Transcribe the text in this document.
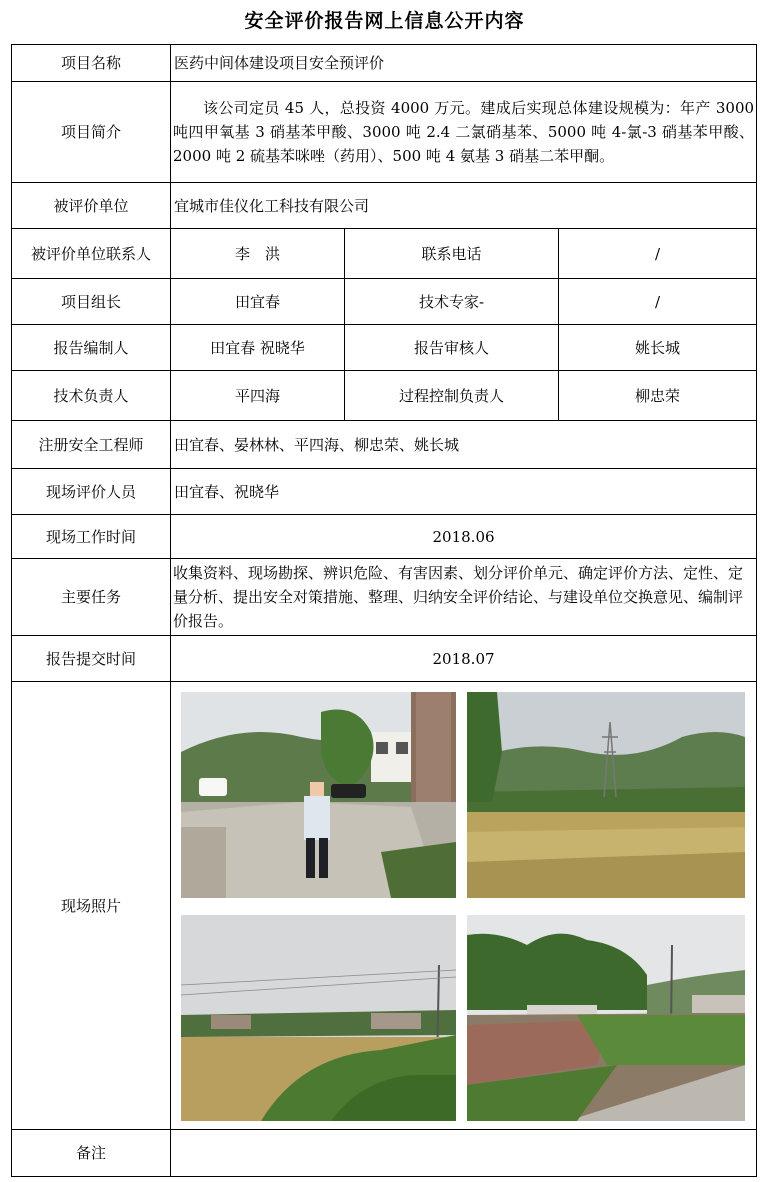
安全评价报告网上信息公开内容
项目名称	医药中间体建设项目安全预评价		
项目简介	该公司定员 45 人，总投资 4000 万元。建成后实现总体建设规模为：年产 3000 吨四甲氧基 3 硝基苯甲酸、3000 吨 2.4 二氯硝基苯、5000 吨 4-氯-3 硝基苯甲酸、2000 吨 2 硫基苯咪唑（药用）、500 吨 4 氨基 3 硝基二苯甲酮。		
被评价单位	宜城市佳仪化工科技有限公司		
被评价单位联系人	李　洪	联系电话	/
项目组长	田宜春	技术专家-	/
报告编制人	田宜春 祝晓华	报告审核人	姚长城
技术负责人	平四海	过程控制负责人	柳忠荣
注册安全工程师	田宜春、晏林林、平四海、柳忠荣、姚长城		
现场评价人员	田宜春、祝晓华		
现场工作时间	2018.06		
主要任务	收集资料、现场勘探、辨识危险、有害因素、划分评价单元、确定评价方法、定性、定量分析、提出安全对策措施、整理、归纳安全评价结论、与建设单位交换意见、编制评价报告。		
报告提交时间	2018.07		
现场照片	

备注			
